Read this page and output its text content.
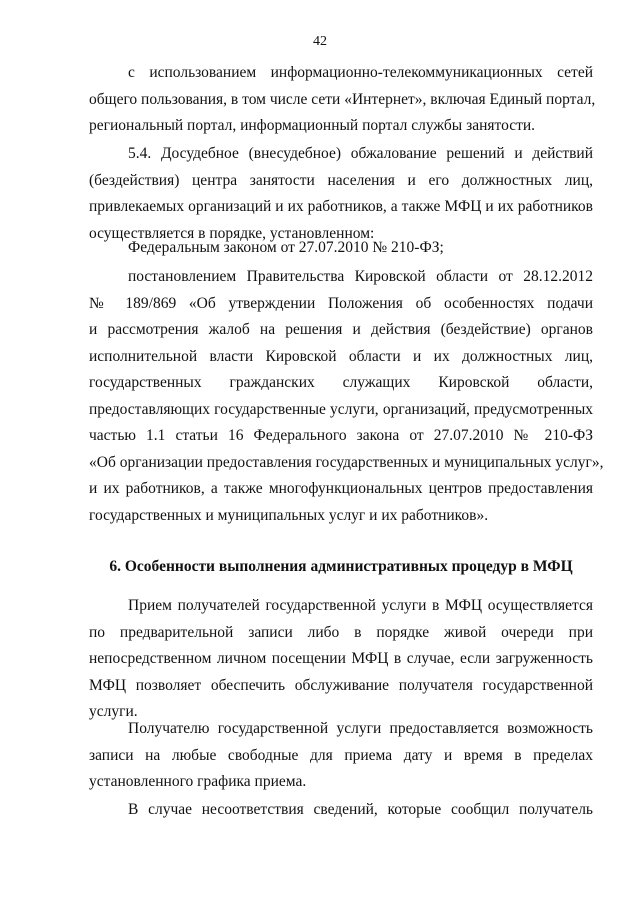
42
с использованием информационно-телекоммуникационных сетей
общего пользования, в том числе сети «Интернет», включая Единый портал,
региональный портал, информационный портал службы занятости.
5.4. Досудебное (внесудебное) обжалование решений и действий
(бездействия) центра занятости населения и его должностных лиц,
привлекаемых организаций и их работников, а также МФЦ и их работников
осуществляется в порядке, установленном:
Федеральным законом от 27.07.2010 № 210-ФЗ;
постановлением Правительства Кировской области от 28.12.2012
№ 189/869 «Об утверждении Положения об особенностях подачи
и рассмотрения жалоб на решения и действия (бездействие) органов
исполнительной власти Кировской области и их должностных лиц,
государственных гражданских служащих Кировской области,
предоставляющих государственные услуги, организаций, предусмотренных
частью 1.1 статьи 16 Федерального закона от 27.07.2010 № 210-ФЗ
«Об организации предоставления государственных и муниципальных услуг»,
и их работников, а также многофункциональных центров предоставления
государственных и муниципальных услуг и их работников».
6. Особенности выполнения административных процедур в МФЦ
Прием получателей государственной услуги в МФЦ осуществляется
по предварительной записи либо в порядке живой очереди при
непосредственном личном посещении МФЦ в случае, если загруженность
МФЦ позволяет обеспечить обслуживание получателя государственной
услуги.
Получателю государственной услуги предоставляется возможность
записи на любые свободные для приема дату и время в пределах
установленного графика приема.
В случае несоответствия сведений, которые сообщил получатель
